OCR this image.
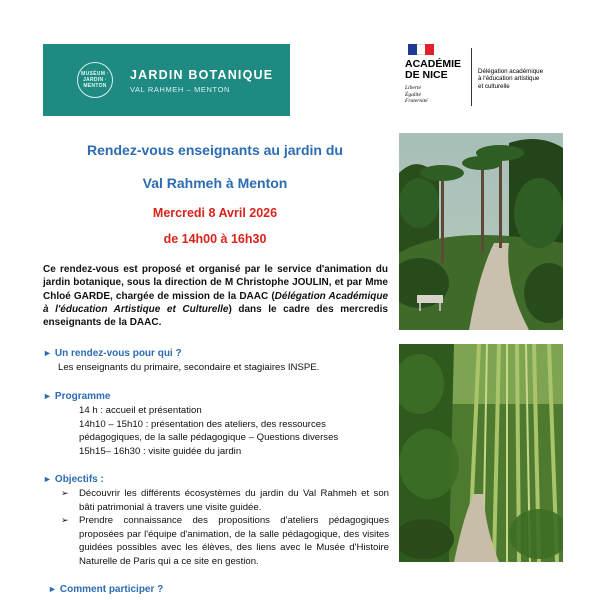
MUSÉUM · JARDIN · MENTON
JARDIN BOTANIQUE
VAL RAHMEH – MENTON
ACADÉMIE
DE NICE
Liberté
Égalité
Fraternité
Délégation académique
à l'éducation artistique
et culturelle
Rendez-vous enseignants au jardin du
Val Rahmeh à Menton
Mercredi 8 Avril 2026
de 14h00 à 16h30
Ce rendez-vous est proposé et organisé par le service d'animation du jardin botanique, sous la direction de M Christophe JOULIN, et par Mme Chloé GARDE, chargée de mission de la DAAC (Délégation Académique à l'éducation Artistique et Culturelle) dans le cadre des mercredis enseignants de la DAAC.
► Un rendez-vous pour qui ?
Les enseignants du primaire, secondaire et stagiaires INSPE.
► Programme
14 h : accueil et présentation
14h10 – 15h10 : présentation des ateliers, des ressources
pédagogiques, de la salle pédagogique – Questions diverses
15h15– 16h30 : visite guidée du jardin
► Objectifs :
➢ Découvrir les différents écosystèmes du jardin du Val Rahmeh et son bâti patrimonial à travers une visite guidée.
➢ Prendre connaissance des propositions d'ateliers pédagogiques proposées par l'équipe d'animation, de la salle pédagogique, des visites guidées possibles avec les élèves, des liens avec le Musée d'Histoire Naturelle de Paris qui a ce site en gestion.
► Comment participer ?
